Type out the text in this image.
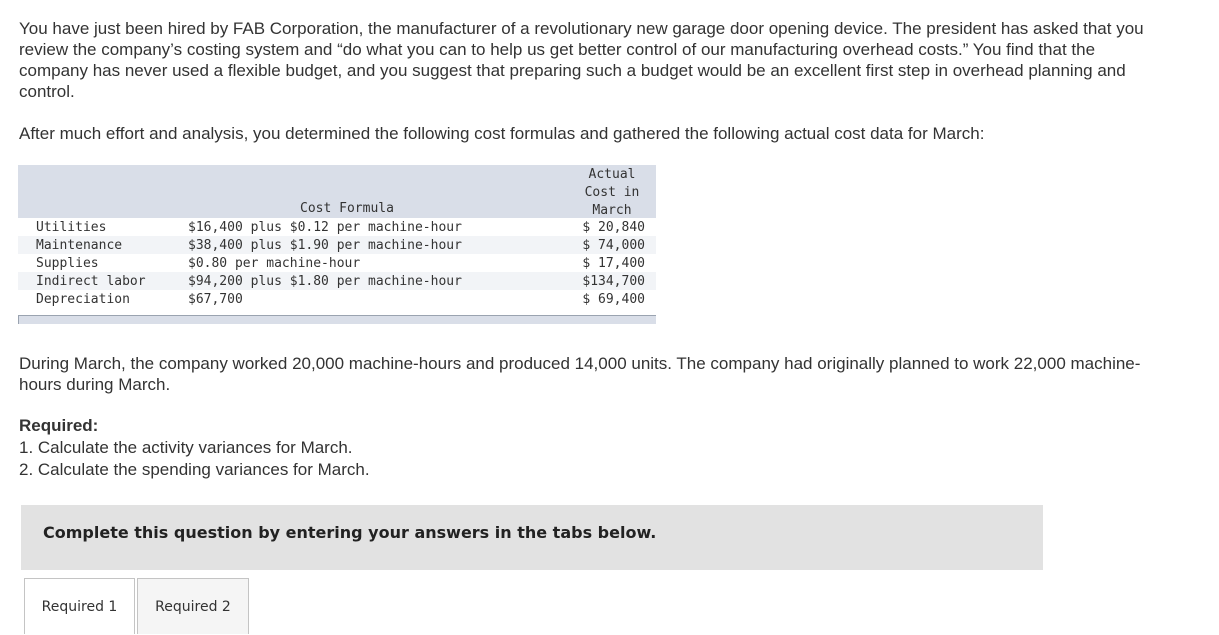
You have just been hired by FAB Corporation, the manufacturer of a revolutionary new garage door opening device. The president has asked that you review the company’s costing system and “do what you can to help us get better control of our manufacturing overhead costs.” You find that the company has never used a flexible budget, and you suggest that preparing such a budget would be an excellent first step in overhead planning and control.

After much effort and analysis, you determined the following cost formulas and gathered the following actual cost data for March:

Cost Formula
Actual
Cost in
March
Utilities	$16,400 plus $0.12 per machine-hour	$ 20,840
Maintenance	$38,400 plus $1.90 per machine-hour	$ 74,000
Supplies	$0.80 per machine-hour	$ 17,400
Indirect labor	$94,200 plus $1.80 per machine-hour	$134,700
Depreciation	$67,700	$ 69,400

During March, the company worked 20,000 machine-hours and produced 14,000 units. The company had originally planned to work 22,000 machine-hours during March.

Required:

1. Calculate the activity variances for March.

2. Calculate the spending variances for March.

Complete this question by entering your answers in the tabs below.
Required 1	Required 2
